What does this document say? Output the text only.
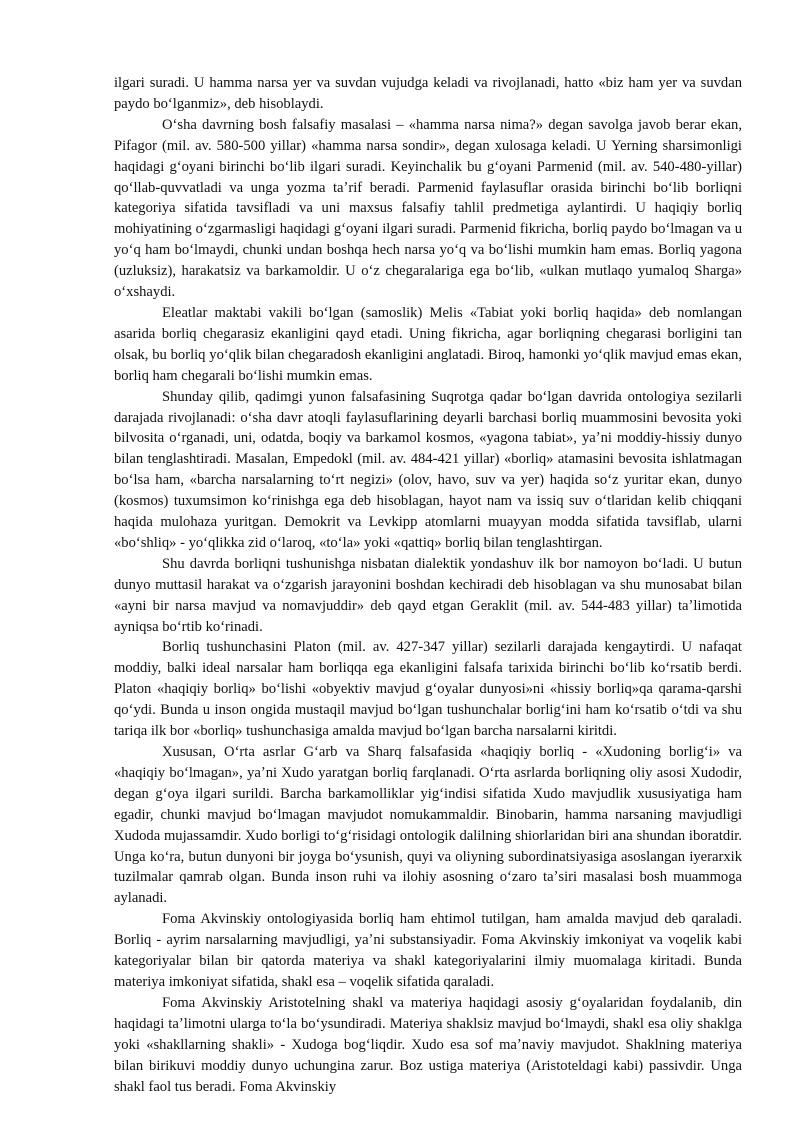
ilgari suradi. U hamma narsa yer va suvdan vujudga keladi va rivojlanadi, hatto «biz ham yer va suvdan paydo boʻlganmiz», deb hisoblaydi.

Oʻsha davrning bosh falsafiy masalasi – «hamma narsa nima?» degan savolga javob berar ekan, Pifagor (mil. av. 580-500 yillar) «hamma narsa sondir», degan xulosaga keladi. U Yerning sharsimonligi haqidagi gʻoyani birinchi boʻlib ilgari suradi. Keyinchalik bu gʻoyani Parmenid (mil. av. 540-480-yillar) qoʻllab-quvvatladi va unga yozma taʼrif beradi. Parmenid faylasuflar orasida birinchi boʻlib borliqni kategoriya sifatida tavsifladi va uni maxsus falsafiy tahlil predmetiga aylantirdi. U haqiqiy borliq mohiyatining oʻzgarmasligi haqidagi gʻoyani ilgari suradi. Parmenid fikricha, borliq paydo boʻlmagan va u yoʻq ham boʻlmaydi, chunki undan boshqa hech narsa yoʻq va boʻlishi mumkin ham emas. Borliq yagona (uzluksiz), harakatsiz va barkamoldir. U oʻz chegaralariga ega boʻlib, «ulkan mutlaqo yumaloq Sharga» oʻxshaydi.

Eleatlar maktabi vakili boʻlgan (samoslik) Melis «Tabiat yoki borliq haqida» deb nomlangan asarida borliq chegarasiz ekanligini qayd etadi. Uning fikricha, agar borliqning chegarasi borligini tan olsak, bu borliq yoʻqlik bilan chegaradosh ekanligini anglatadi. Biroq, hamonki yoʻqlik mavjud emas ekan, borliq ham chegarali boʻlishi mumkin emas.

Shunday qilib, qadimgi yunon falsafasining Suqrotga qadar boʻlgan davrida ontologiya sezilarli darajada rivojlanadi: oʻsha davr atoqli faylasuflarining deyarli barchasi borliq muammosini bevosita yoki bilvosita oʻrganadi, uni, odatda, boqiy va barkamol kosmos, «yagona tabiat», yaʼni moddiy-hissiy dunyo bilan tenglashtiradi. Masalan, Empedokl (mil. av. 484-421 yillar) «borliq» atamasini bevosita ishlatmagan boʻlsa ham, «barcha narsalarning toʻrt negizi» (olov, havo, suv va yer) haqida soʻz yuritar ekan, dunyo (kosmos) tuxumsimon koʻrinishga ega deb hisoblagan, hayot nam va issiq suv oʻtlaridan kelib chiqqani haqida mulohaza yuritgan. Demokrit va Levkipp atomlarni muayyan modda sifatida tavsiflab, ularni «boʻshliq» - yoʻqlikka zid oʻlaroq, «toʻla» yoki «qattiq» borliq bilan tenglashtirgan.

Shu davrda borliqni tushunishga nisbatan dialektik yondashuv ilk bor namoyon boʻladi. U butun dunyo muttasil harakat va oʻzgarish jarayonini boshdan kechiradi deb hisoblagan va shu munosabat bilan «ayni bir narsa mavjud va nomavjuddir» deb qayd etgan Geraklit (mil. av. 544-483 yillar) taʼlimotida ayniqsa boʻrtib koʻrinadi.

Borliq tushunchasini Platon (mil. av. 427-347 yillar) sezilarli darajada kengaytirdi. U nafaqat moddiy, balki ideal narsalar ham borliqqa ega ekanligini falsafa tarixida birinchi boʻlib koʻrsatib berdi. Platon «haqiqiy borliq» boʻlishi «obyektiv mavjud gʻoyalar dunyosi»ni «hissiy borliq»qa qarama-qarshi qoʻydi. Bunda u inson ongida mustaqil mavjud boʻlgan tushunchalar borligʻini ham koʻrsatib oʻtdi va shu tariqa ilk bor «borliq» tushunchasiga amalda mavjud boʻlgan barcha narsalarni kiritdi.

Xususan, Oʻrta asrlar Gʻarb va Sharq falsafasida «haqiqiy borliq - «Xudoning borligʻi» va «haqiqiy boʻlmagan», yaʼni Xudo yaratgan borliq farqlanadi. Oʻrta asrlarda borliqning oliy asosi Xudodir, degan gʻoya ilgari surildi. Barcha barkamolliklar yigʻindisi sifatida Xudo mavjudlik xususiyatiga ham egadir, chunki mavjud boʻlmagan mavjudot nomukammaldir. Binobarin, hamma narsaning mavjudligi Xudoda mujassamdir. Xudo borligi toʻgʻrisidagi ontologik dalilning shiorlaridan biri ana shundan iboratdir. Unga koʻra, butun dunyoni bir joyga boʻysunish, quyi va oliyning subordinatsiyasiga asoslangan iyerarxik tuzilmalar qamrab olgan. Bunda inson ruhi va ilohiy asosning oʻzaro taʼsiri masalasi bosh muammoga aylanadi.

Foma Akvinskiy ontologiyasida borliq ham ehtimol tutilgan, ham amalda mavjud deb qaraladi. Borliq - ayrim narsalarning mavjudligi, yaʼni substansiyadir. Foma Akvinskiy imkoniyat va voqelik kabi kategoriyalar bilan bir qatorda materiya va shakl kategoriyalarini ilmiy muomalaga kiritadi. Bunda materiya imkoniyat sifatida, shakl esa – voqelik sifatida qaraladi.

Foma Akvinskiy Aristotelning shakl va materiya haqidagi asosiy gʻoyalaridan foydalanib, din haqidagi taʼlimotni ularga toʻla boʻysundiradi. Materiya shaklsiz mavjud boʻlmaydi, shakl esa oliy shaklga yoki «shakllarning shakli» - Xudoga bogʻliqdir. Xudo esa sof maʼnaviy mavjudot. Shaklning materiya bilan birikuvi moddiy dunyo uchungina zarur. Boz ustiga materiya (Aristoteldagi kabi) passivdir. Unga shakl faol tus beradi. Foma Akvinskiy
